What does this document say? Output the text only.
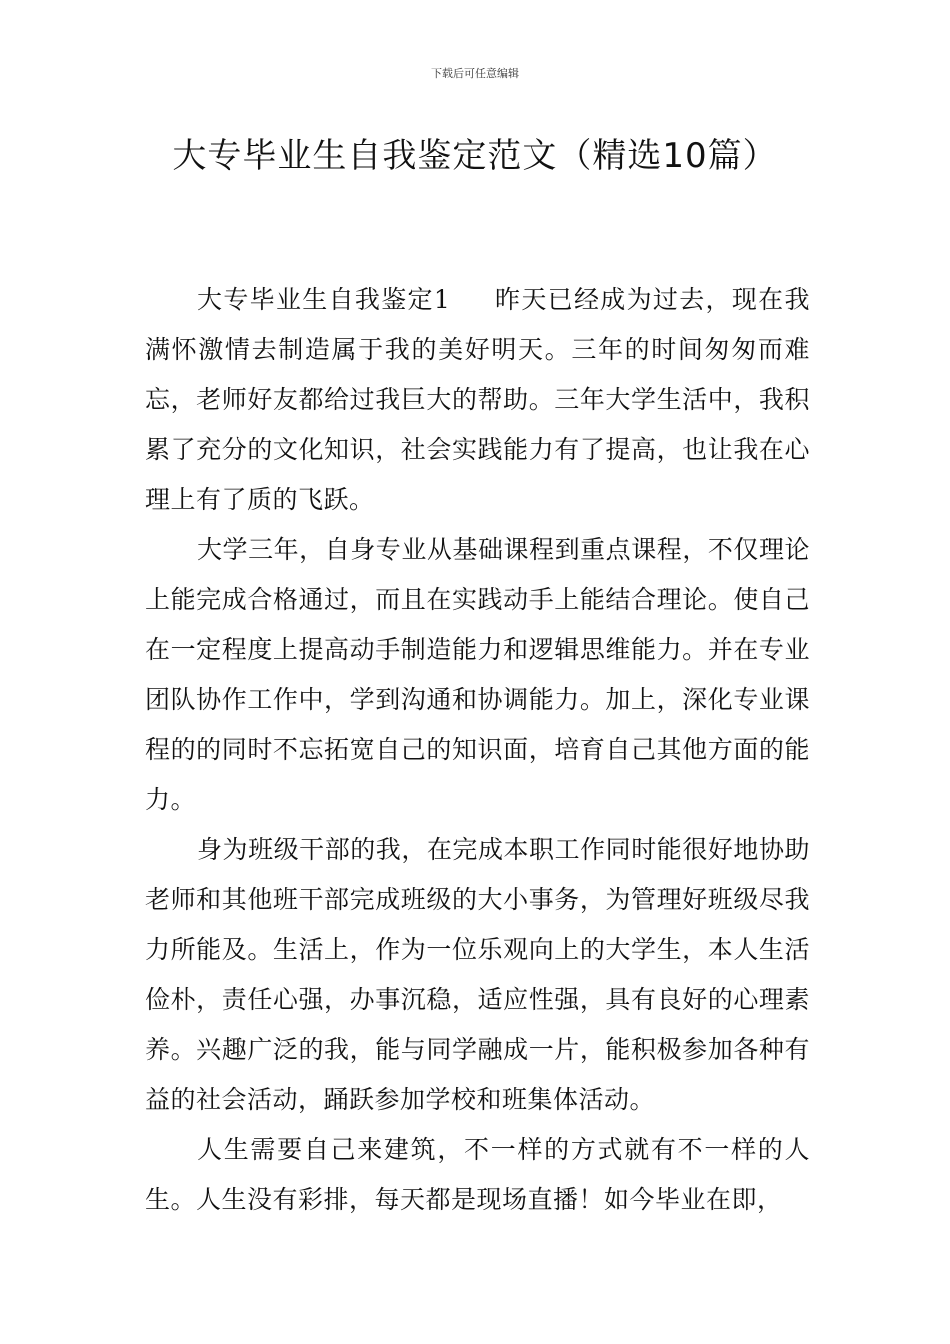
下载后可任意编辑
大专毕业生自我鉴定范文（精选10篇）

大专毕业生自我鉴定1 昨天已经成为过去，现在我满怀激情去制造属于我的美好明天。三年的时间匆匆而难忘，老师好友都给过我巨大的帮助。三年大学生活中，我积累了充分的文化知识，社会实践能力有了提高，也让我在心理上有了质的飞跃。

大学三年，自身专业从基础课程到重点课程，不仅理论上能完成合格通过，而且在实践动手上能结合理论。使自己在一定程度上提高动手制造能力和逻辑思维能力。并在专业团队协作工作中，学到沟通和协调能力。加上，深化专业课程的的同时不忘拓宽自己的知识面，培育自己其他方面的能力。

身为班级干部的我，在完成本职工作同时能很好地协助老师和其他班干部完成班级的大小事务，为管理好班级尽我力所能及。生活上，作为一位乐观向上的大学生，本人生活俭朴，责任心强，办事沉稳，适应性强，具有良好的心理素养。兴趣广泛的我，能与同学融成一片，能积极参加各种有益的社会活动，踊跃参加学校和班集体活动。

人生需要自己来建筑，不一样的方式就有不一样的人生。人生没有彩排，每天都是现场直播！如今毕业在即，
